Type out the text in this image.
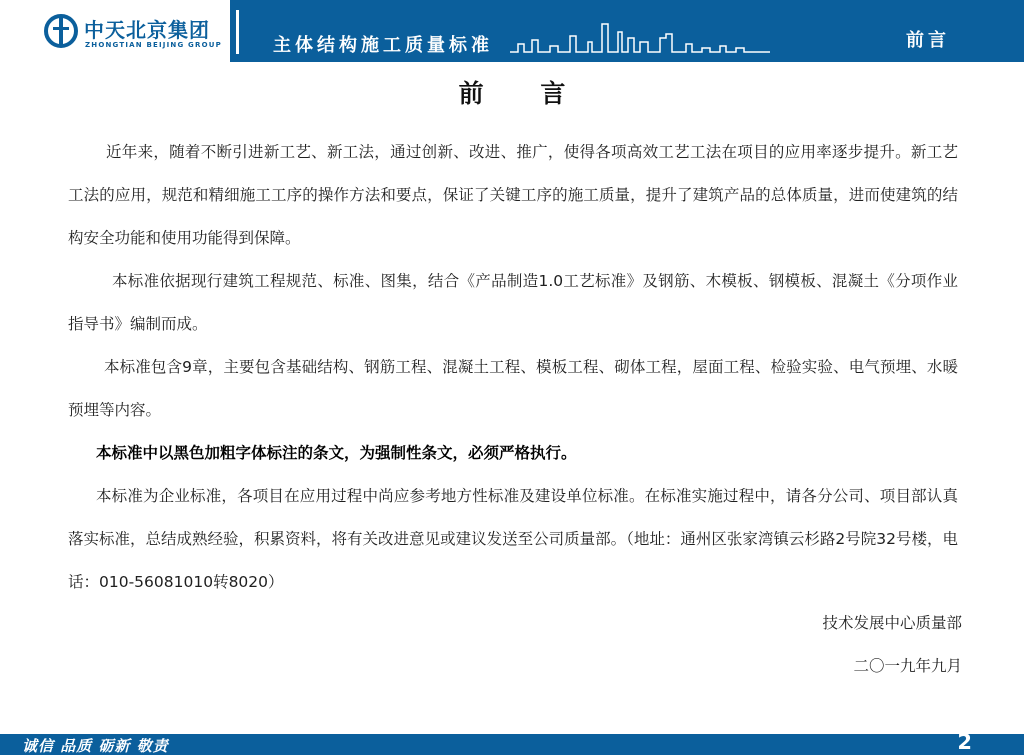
中天北京集团
ZHONGTIAN BEIJING GROUP	主体结构施工质量标准	前言
前 言
近年来，随着不断引进新工艺、新工法，通过创新、改进、推广，使得各项高效工艺工法在项目的应用率逐步提升。新工艺工法的应用，规范和精细施工工序的操作方法和要点，保证了关键工序的施工质量，提升了建筑产品的总体质量，进而使建筑的结构安全功能和使用功能得到保障。
本标准依据现行建筑工程规范、标准、图集，结合《产品制造1.0工艺标准》及钢筋、木模板、钢模板、混凝土《分项作业指导书》编制而成。
本标准包含9章，主要包含基础结构、钢筋工程、混凝土工程、模板工程、砌体工程，屋面工程、检验实验、电气预埋、水暖预埋等内容。
本标准中以黑色加粗字体标注的条文，为强制性条文，必须严格执行。
本标准为企业标准，各项目在应用过程中尚应参考地方性标准及建设单位标准。在标准实施过程中，请各分公司、项目部认真落实标准，总结成熟经验，积累资料，将有关改进意见或建议发送至公司质量部。（地址：通州区张家湾镇云杉路2号院32号楼，电话：010-56081010转8020）
技术发展中心质量部
二〇一九年九月
诚信 品质 砺新 敬责	2
